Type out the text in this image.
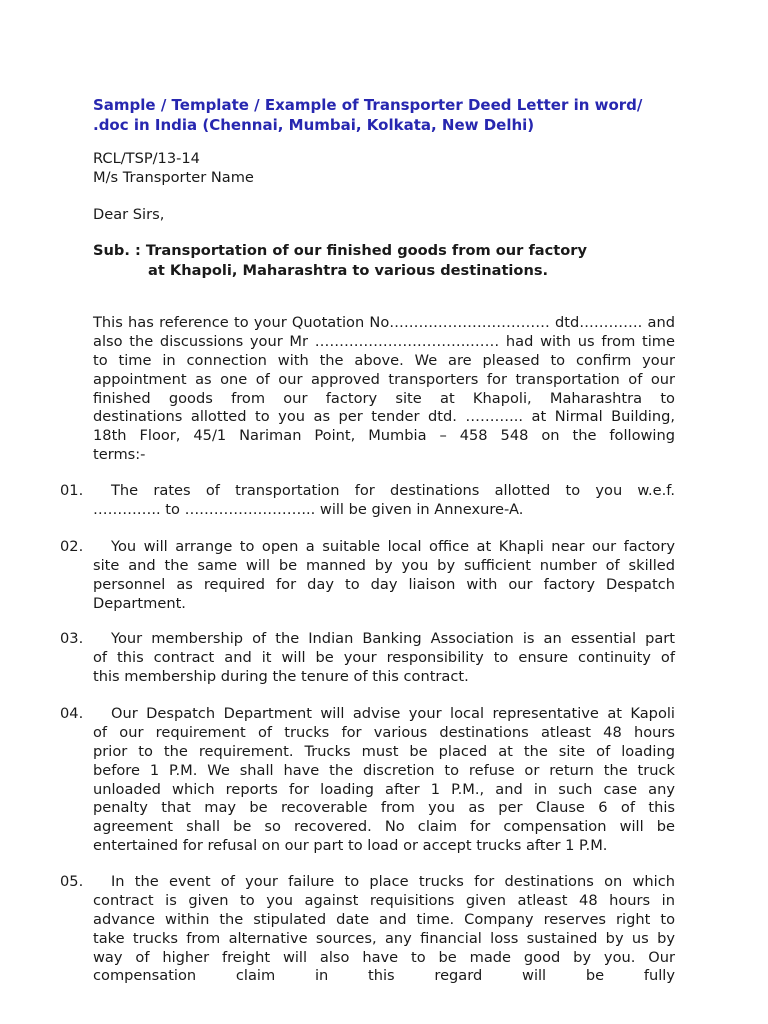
Sample / Template / Example of Transporter Deed Letter in word/
.doc in India (Chennai, Mumbai, Kolkata, New Delhi)
RCL/TSP/13-14
M/s Transporter Name
Dear Sirs,
Sub. : Transportation of our finished goods from our factory
at Khapoli, Maharashtra to various destinations.
This has reference to your Quotation No…………………………… dtd…………. and
also the discussions your Mr …………………………..…… had with us from time
to time in connection with the above. We are pleased to confirm your
appointment as one of our approved transporters for transportation of our
finished goods from our factory site at Khapoli, Maharashtra to
destinations allotted to you as per tender dtd. ………... at Nirmal Building,
18th Floor, 45/1 Nariman Point, Mumbia – 458 548 on the following
terms:-
01.	The rates of transportation for destinations allotted to you w.e.f.
………….. to ……………………... will be given in Annexure-A.
02.	You will arrange to open a suitable local office at Khapli near our factory
site and the same will be manned by you by sufficient number of skilled
personnel as required for day to day liaison with our factory Despatch
Department.
03.	Your membership of the Indian Banking Association is an essential part
of this contract and it will be your responsibility to ensure continuity of
this membership during the tenure of this contract.
04.	Our Despatch Department will advise your local representative at Kapoli
of our requirement of trucks for various destinations atleast 48 hours
prior to the requirement. Trucks must be placed at the site of loading
before 1 P.M. We shall have the discretion to refuse or return the truck
unloaded which reports for loading after 1 P.M., and in such case any
penalty that may be recoverable from you as per Clause 6 of this
agreement shall be so recovered. No claim for compensation will be
entertained for refusal on our part to load or accept trucks after 1 P.M.
05.	In the event of your failure to place trucks for destinations on which
contract is given to you against requisitions given atleast 48 hours in
advance within the stipulated date and time. Company reserves right to
take trucks from alternative sources, any financial loss sustained by us by
way of higher freight will also have to be made good by you. Our
compensation claim in this regard will be fully
